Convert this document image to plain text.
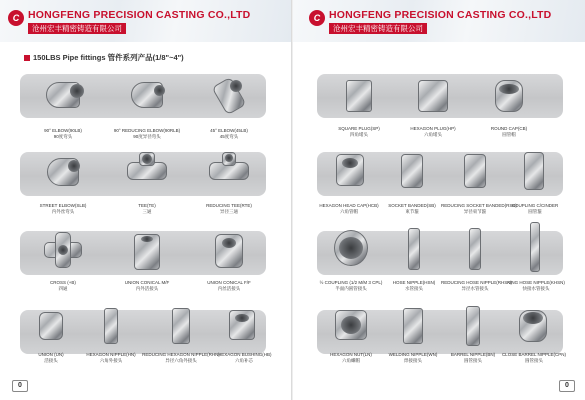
C HONGFENG PRECISION CASTING CO.,LTD
沧州宏丰精密铸造有限公司
150LBS Pipe fittings 管件系列产品(1/8"~4")
90° ELBOW(90LB)
90度弯头
90° REDUCING ELBOW(90RLB)
90度异径弯头
45° ELBOW(45LB)
45度弯头
STREET ELBOW(SLB)
内外丝弯头
TEE(TE)
三通
REDUCING TEE(RTE)
异径三通
CROSS (+B)
四通
UNION CONICAL M/F
内外活接头
UNION CONICAL F/F
内丝活接头
UNION (UN)
活接头
HEXAGON NIPPLE(HN)
六角外接头
REDUCING HEXAGON NIPPLE(RHN)
异径六角外接头
HEXAGON BUSHING(HB)
六角补芯
0
C HONGFENG PRECISION CASTING CO.,LTD
沧州宏丰精密铸造有限公司
SQUARE PLUG(SP)
四角堵头
HEXAGON PLUG(HP)
六角堵头
ROUND CAP(CB)
圆管帽
HEXAGON HEAD CAP(HCB)
六角管帽
SOCKET BANDED(SB)
束节箍
REDUCING SOCKET BANDED(RSB)
异径束节箍
COUPLING C/CINDER
圆管箍
½ COUPLING (1/2 M/M 3 CPL)
半面内圆管接头
HOSE NIPPLE(HSN)
水管接头
REDUCING HOSE NIPPLE(RHSN)
异径水管接头
KING HOSE NIPPLE(KHSN)
快接水管接头
HEXAGON NUT(LN)
六角螺帽
WELDING NIPPLE(WN)
焊接接头
BARREL NIPPLE(BN)
圆管接头
CLOSE BARREL NIPPLE(CPN)
圆管接头
0
